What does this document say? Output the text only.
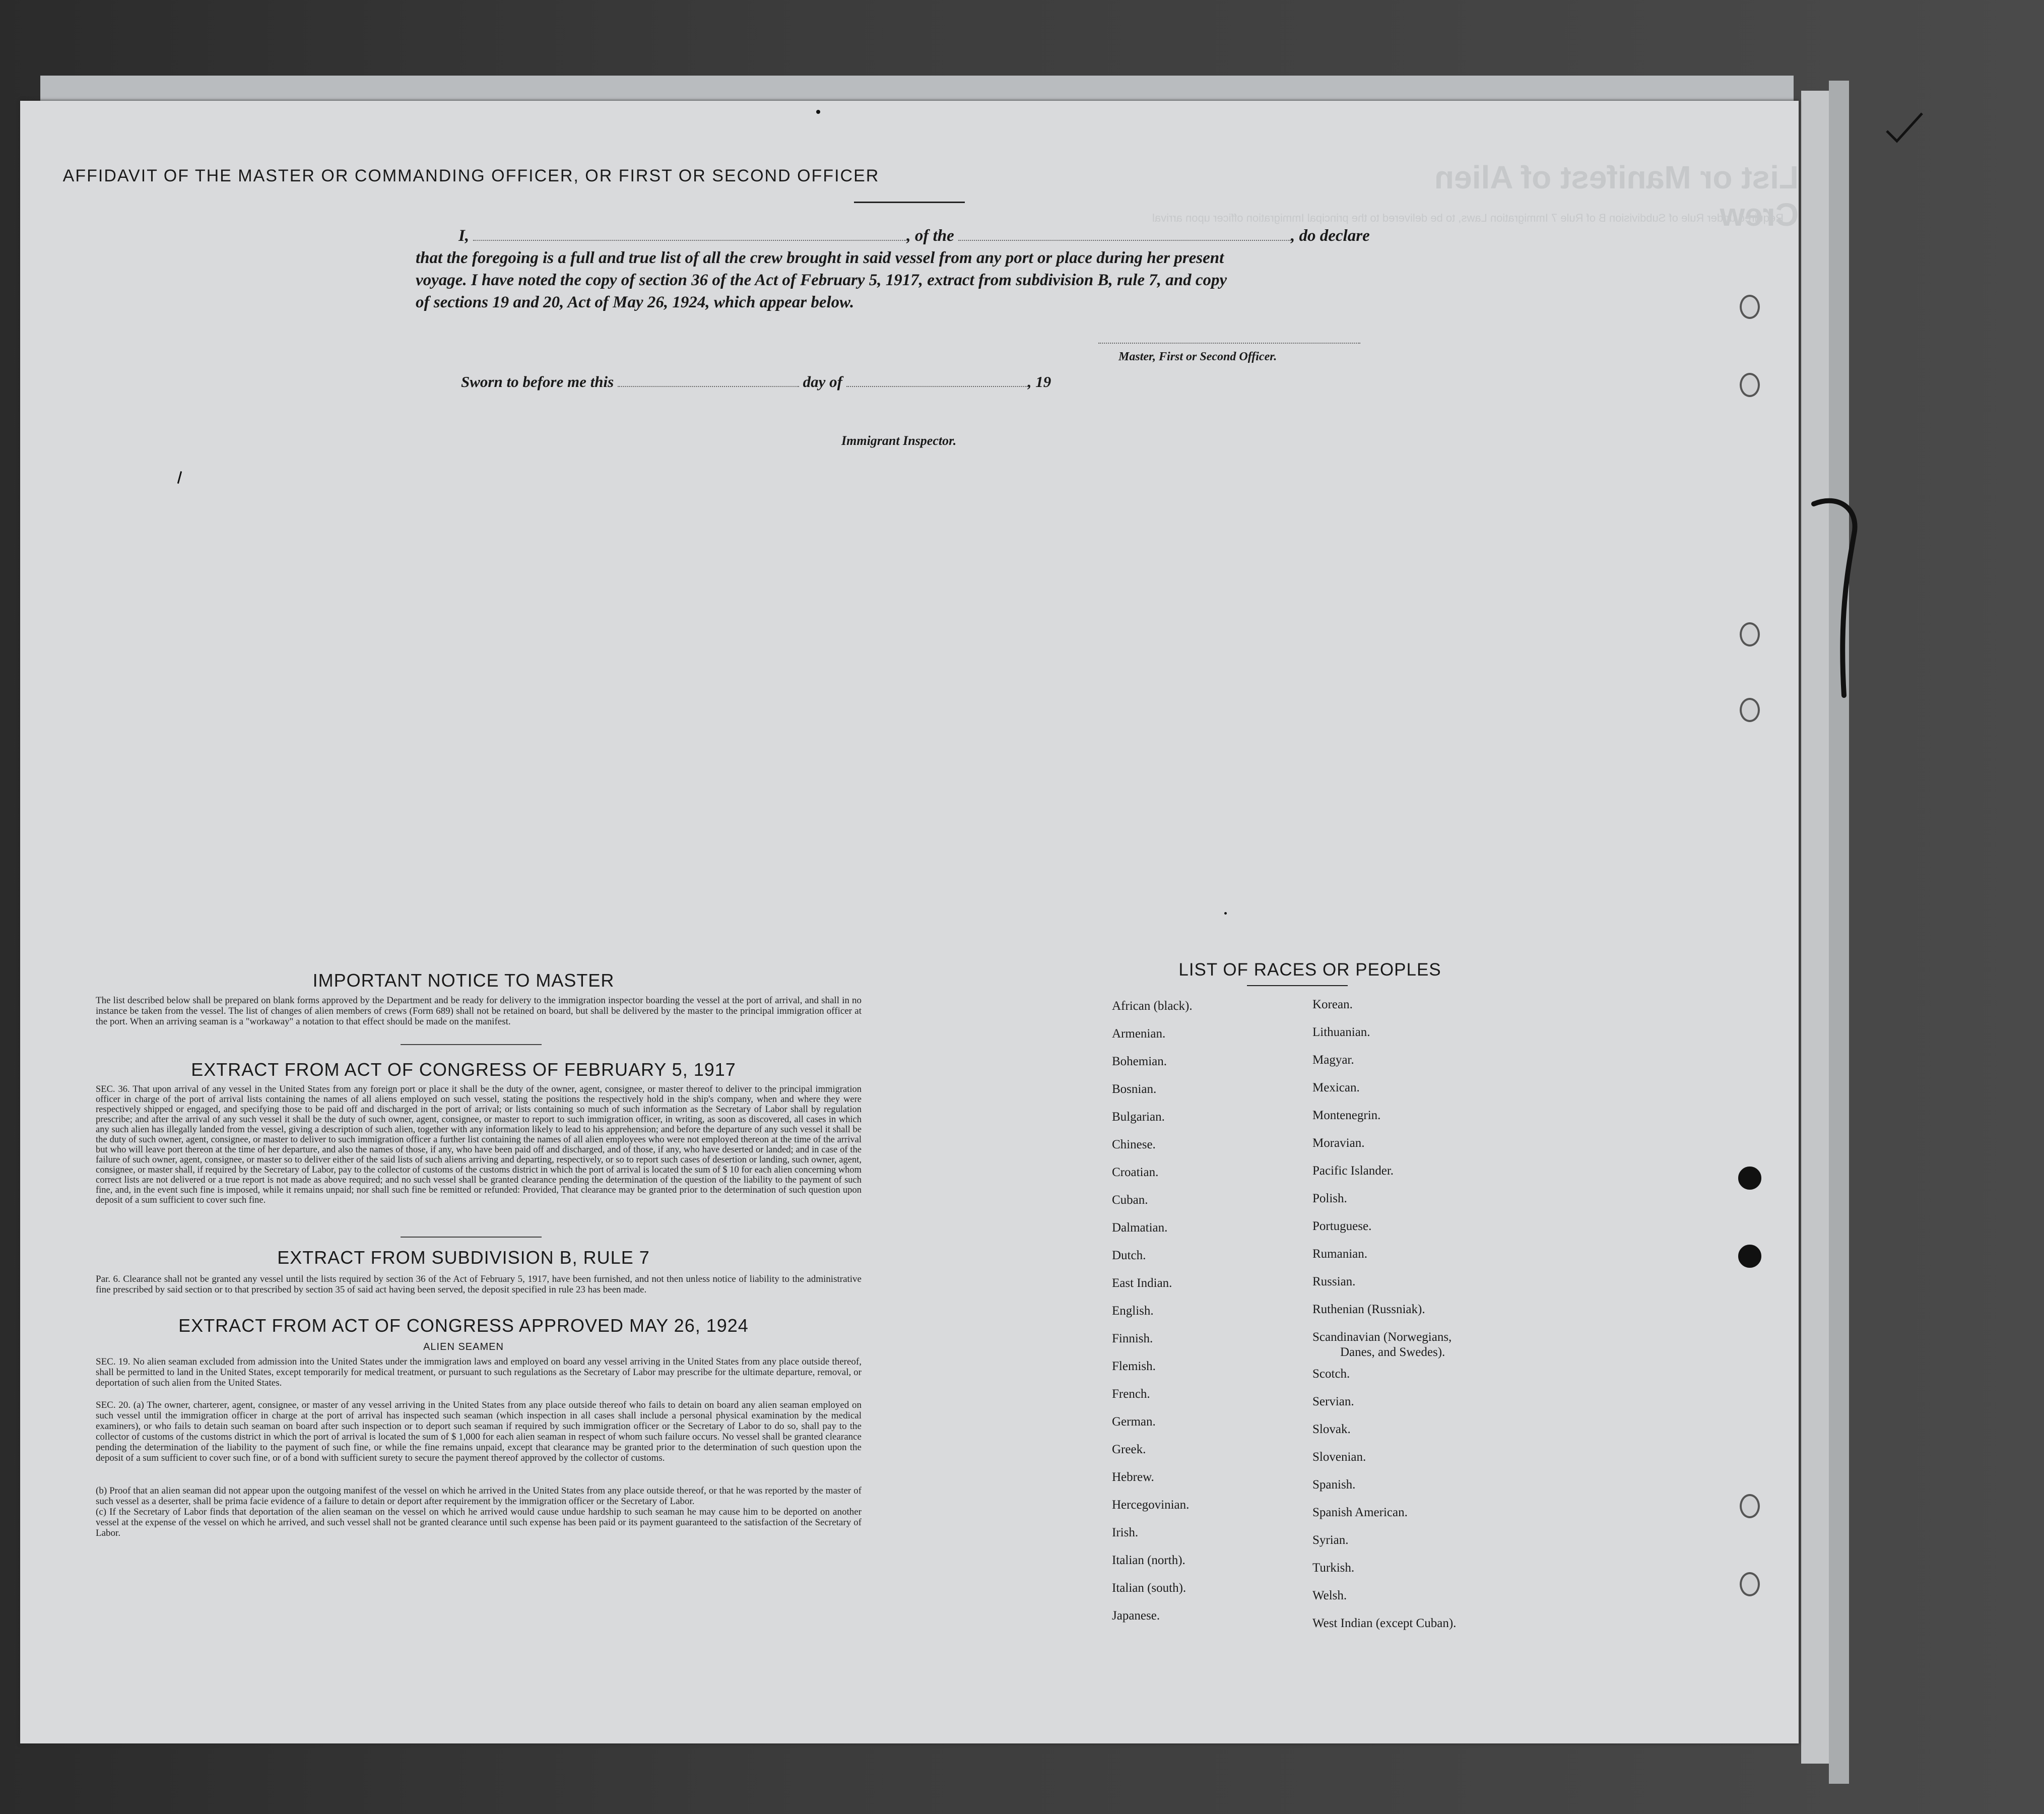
List or Manifest of Alien Crew
Required under Rule of Subdivision B of Rule 7 Immigration Laws, to be delivered to the principal Immigration officer upon arrival
AFFIDAVIT OF THE MASTER OR COMMANDING OFFICER, OR FIRST OR SECOND OFFICER
I,	, of the	, do declare
that the foregoing is a full and true list of all the crew brought in said vessel from any port or place during her present
voyage. I have noted the copy of section 36 of the Act of February 5, 1917, extract from subdivision B, rule 7, and copy
of sections 19 and 20, Act of May 26, 1924, which appear below.
Master, First or Second Officer.
Sworn to before me this	day of	, 19
Immigrant Inspector.
IMPORTANT NOTICE TO MASTER
The list described below shall be prepared on blank forms approved by the Department and be ready for delivery to the immigration inspector boarding the vessel at the port of arrival, and shall in no instance be taken from the vessel. The list of changes of alien members of crews (Form 689) shall not be retained on board, but shall be delivered by the master to the principal immigration officer at the port. When an arriving seaman is a "workaway" a notation to that effect should be made on the manifest.
EXTRACT FROM ACT OF CONGRESS OF FEBRUARY 5, 1917
SEC. 36. That upon arrival of any vessel in the United States from any foreign port or place it shall be the duty of the owner, agent, consignee, or master thereof to deliver to the principal immigration officer in charge of the port of arrival lists containing the names of all aliens employed on such vessel, stating the positions the respectively hold in the ship's company, when and where they were respectively shipped or engaged, and specifying those to be paid off and discharged in the port of arrival; or lists containing so much of such information as the Secretary of Labor shall by regulation prescribe; and after the arrival of any such vessel it shall be the duty of such owner, agent, consignee, or master to report to such immigration officer, in writing, as soon as discovered, all cases in which any such alien has illegally landed from the vessel, giving a description of such alien, together with any information likely to lead to his apprehension; and before the departure of any such vessel it shall be the duty of such owner, agent, consignee, or master to deliver to such immigration officer a further list containing the names of all alien employees who were not employed thereon at the time of the arrival but who will leave port thereon at the time of her departure, and also the names of those, if any, who have been paid off and discharged, and of those, if any, who have deserted or landed; and in case of the failure of such owner, agent, consignee, or master so to deliver either of the said lists of such aliens arriving and departing, respectively, or so to report such cases of desertion or landing, such owner, agent, consignee, or master shall, if required by the Secretary of Labor, pay to the collector of customs of the customs district in which the port of arrival is located the sum of $ 10 for each alien concerning whom correct lists are not delivered or a true report is not made as above required; and no such vessel shall be granted clearance pending the determination of the question of the liability to the payment of such fine, and, in the event such fine is imposed, while it remains unpaid; nor shall such fine be remitted or refunded: Provided, That clearance may be granted prior to the determination of such question upon deposit of a sum sufficient to cover such fine.
EXTRACT FROM SUBDIVISION B, RULE 7
Par. 6. Clearance shall not be granted any vessel until the lists required by section 36 of the Act of February 5, 1917, have been furnished, and not then unless notice of liability to the administrative fine prescribed by said section or to that prescribed by section 35 of said act having been served, the deposit specified in rule 23 has been made.
EXTRACT FROM ACT OF CONGRESS APPROVED MAY 26, 1924
ALIEN SEAMEN
SEC. 19. No alien seaman excluded from admission into the United States under the immigration laws and employed on board any vessel arriving in the United States from any place outside thereof, shall be permitted to land in the United States, except temporarily for medical treatment, or pursuant to such regulations as the Secretary of Labor may prescribe for the ultimate departure, removal, or deportation of such alien from the United States.
SEC. 20. (a) The owner, charterer, agent, consignee, or master of any vessel arriving in the United States from any place outside thereof who fails to detain on board any alien seaman employed on such vessel until the immigration officer in charge at the port of arrival has inspected such seaman (which inspection in all cases shall include a personal physical examination by the medical examiners), or who fails to detain such seaman on board after such inspection or to deport such seaman if required by such immigration officer or the Secretary of Labor to do so, shall pay to the collector of customs of the customs district in which the port of arrival is located the sum of $ 1,000 for each alien seaman in respect of whom such failure occurs. No vessel shall be granted clearance pending the determination of the liability to the payment of such fine, or while the fine remains unpaid, except that clearance may be granted prior to the determination of such question upon the deposit of a sum sufficient to cover such fine, or of a bond with sufficient surety to secure the payment thereof approved by the collector of customs.
(b) Proof that an alien seaman did not appear upon the outgoing manifest of the vessel on which he arrived in the United States from any place outside thereof, or that he was reported by the master of such vessel as a deserter, shall be prima facie evidence of a failure to detain or deport after requirement by the immigration officer or the Secretary of Labor.
(c) If the Secretary of Labor finds that deportation of the alien seaman on the vessel on which he arrived would cause undue hardship to such seaman he may cause him to be deported on another vessel at the expense of the vessel on which he arrived, and such vessel shall not be granted clearance until such expense has been paid or its payment guaranteed to the satisfaction of the Secretary of Labor.
LIST OF RACES OR PEOPLES
African (black).
Armenian.
Bohemian.
Bosnian.
Bulgarian.
Chinese.
Croatian.
Cuban.
Dalmatian.
Dutch.
East Indian.
English.
Finnish.
Flemish.
French.
German.
Greek.
Hebrew.
Hercegovinian.
Irish.
Italian (north).
Italian (south).
Japanese.
Korean.
Lithuanian.
Magyar.
Mexican.
Montenegrin.
Moravian.
Pacific Islander.
Polish.
Portuguese.
Rumanian.
Russian.
Ruthenian (Russniak).
Scandinavian (Norwegians,
Danes, and Swedes).
Scotch.
Servian.
Slovak.
Slovenian.
Spanish.
Spanish American.
Syrian.
Turkish.
Welsh.
West Indian (except Cuban).
